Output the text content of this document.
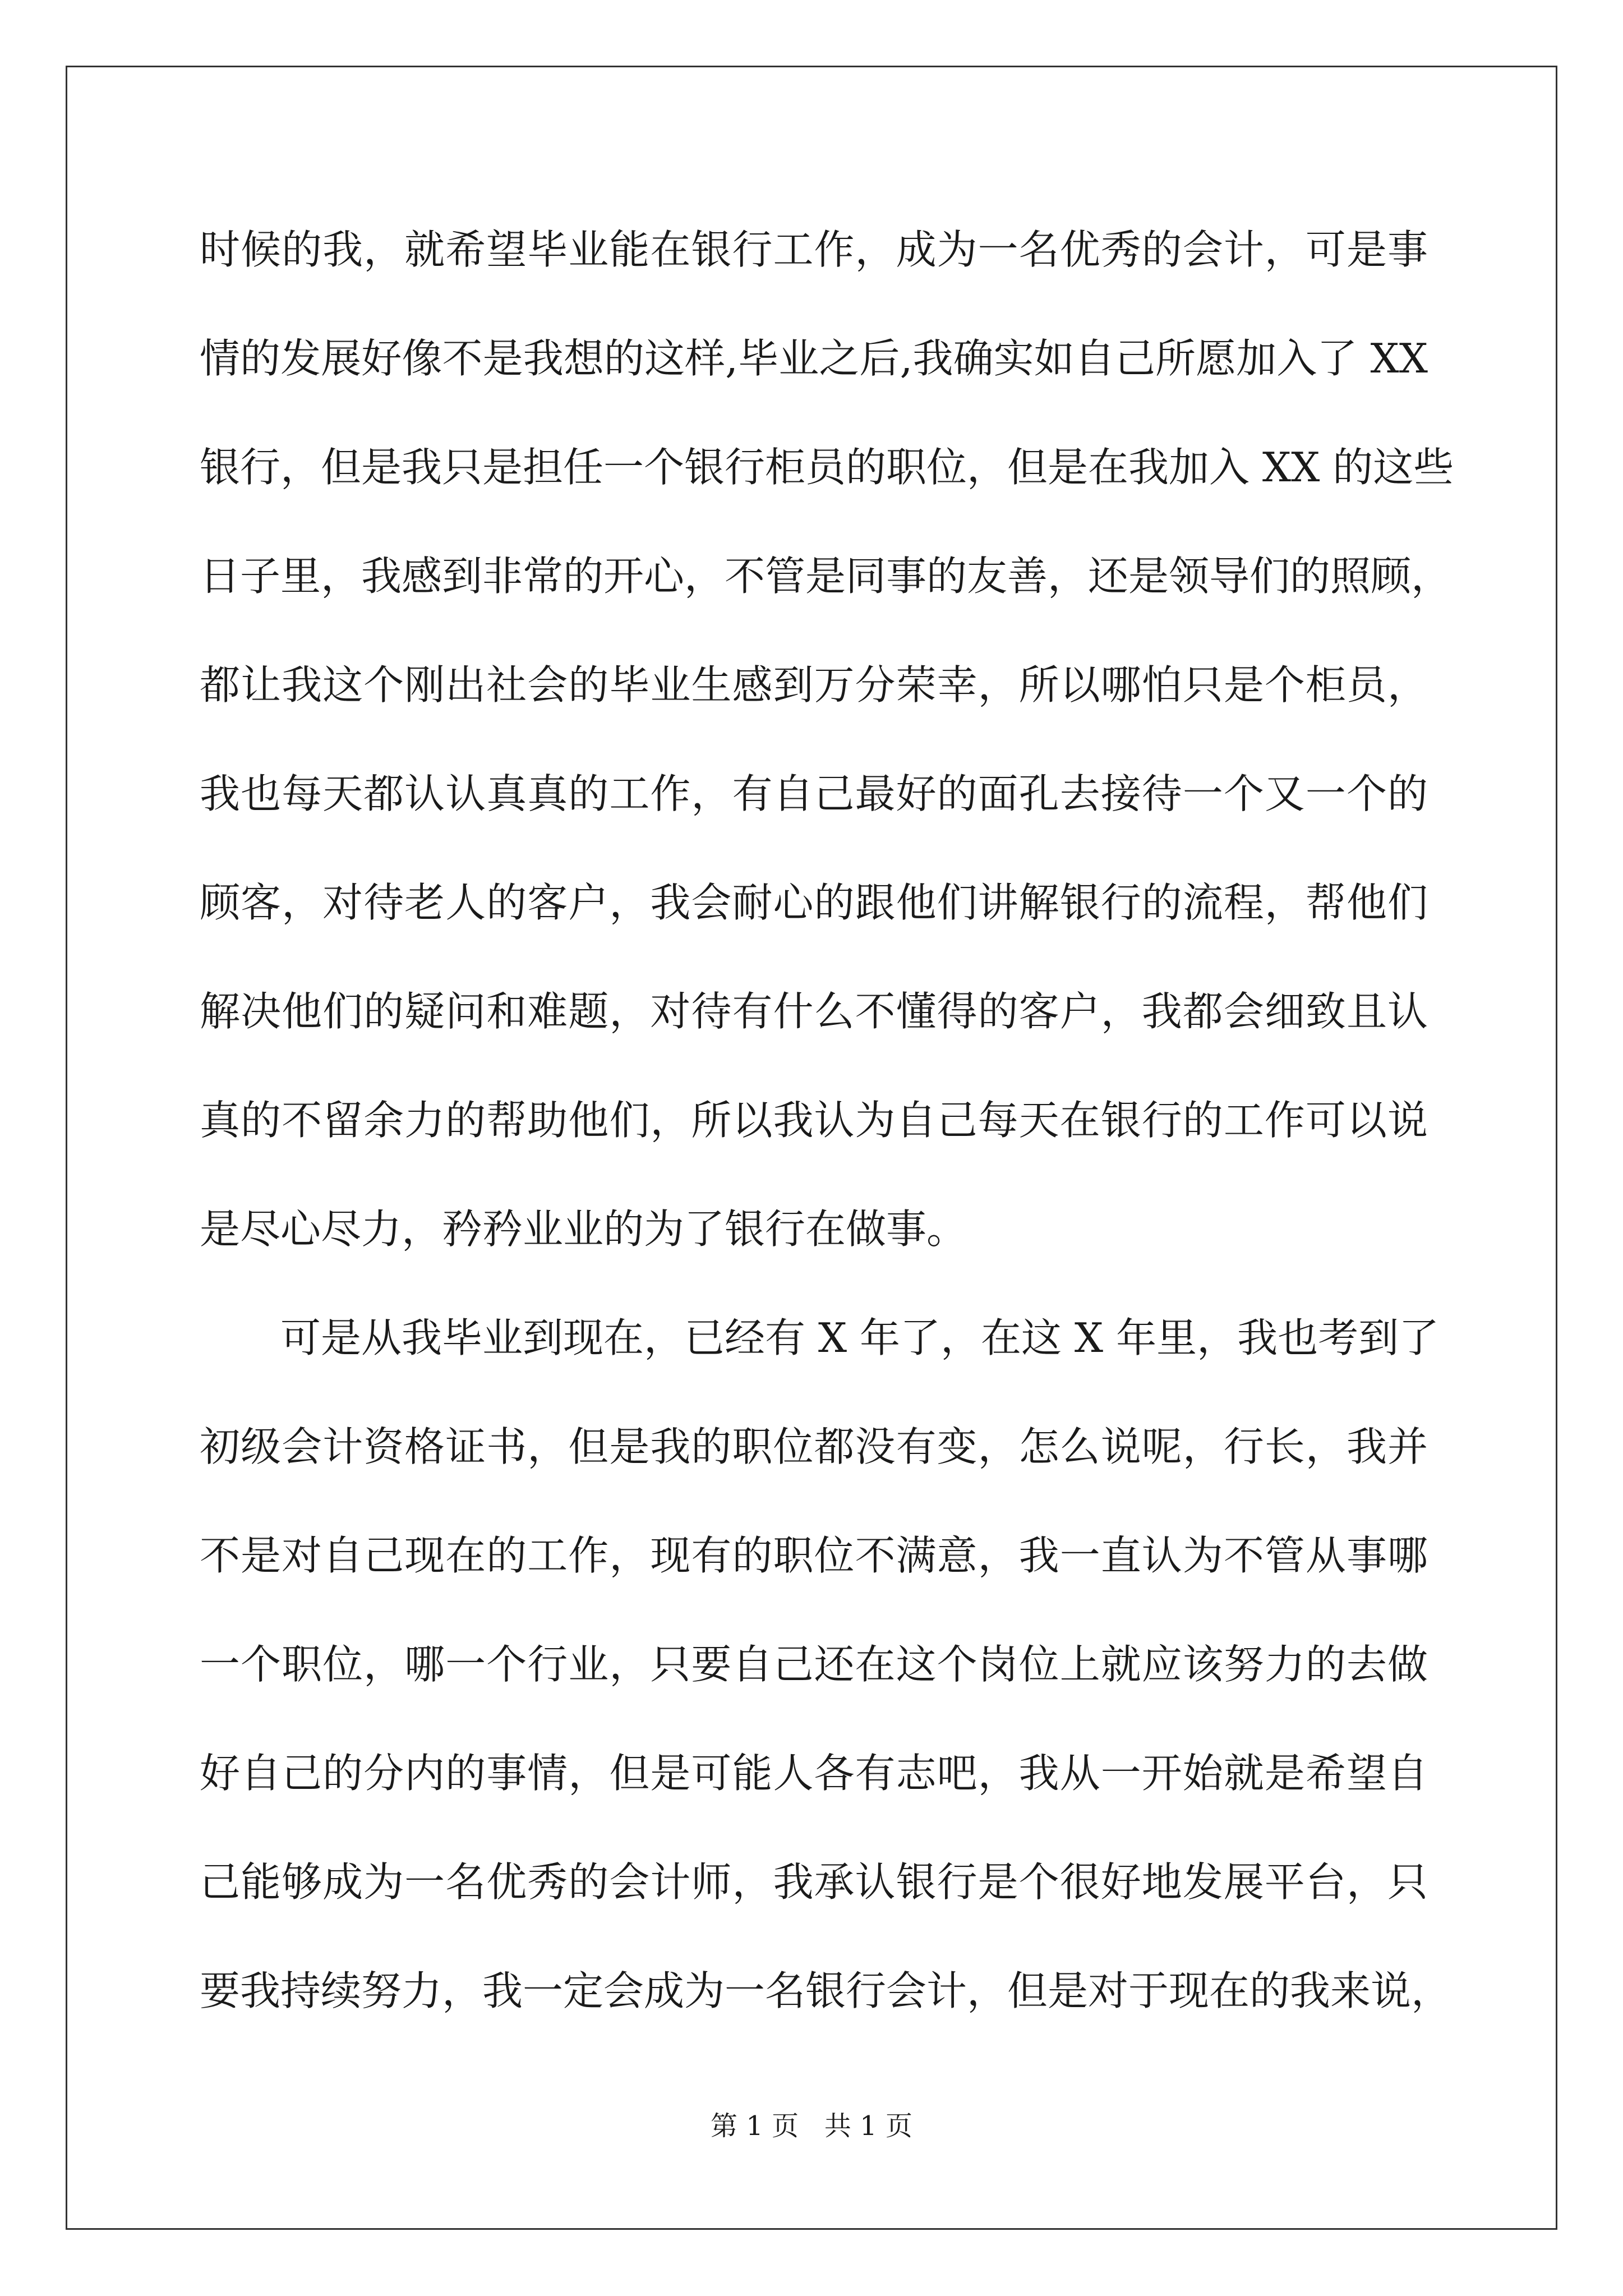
时候的我，就希望毕业能在银行工作，成为一名优秀的会计，可是事
情的发展好像不是我想的这样,毕业之后,我确实如自己所愿加入了 XX
银行，但是我只是担任一个银行柜员的职位，但是在我加入 XX 的这些
日子里，我感到非常的开心，不管是同事的友善，还是领导们的照顾，
都让我这个刚出社会的毕业生感到万分荣幸，所以哪怕只是个柜员，
我也每天都认认真真的工作，有自己最好的面孔去接待一个又一个的
顾客，对待老人的客户，我会耐心的跟他们讲解银行的流程，帮他们
解决他们的疑问和难题，对待有什么不懂得的客户，我都会细致且认
真的不留余力的帮助他们，所以我认为自己每天在银行的工作可以说
是尽心尽力，矜矜业业的为了银行在做事。
可是从我毕业到现在，已经有 X 年了，在这 X 年里，我也考到了
初级会计资格证书，但是我的职位都没有变，怎么说呢，行长，我并
不是对自己现在的工作，现有的职位不满意，我一直认为不管从事哪
一个职位，哪一个行业，只要自己还在这个岗位上就应该努力的去做
好自己的分内的事情，但是可能人各有志吧，我从一开始就是希望自
己能够成为一名优秀的会计师，我承认银行是个很好地发展平台，只
要我持续努力，我一定会成为一名银行会计，但是对于现在的我来说，
第 1 页 共 1 页
